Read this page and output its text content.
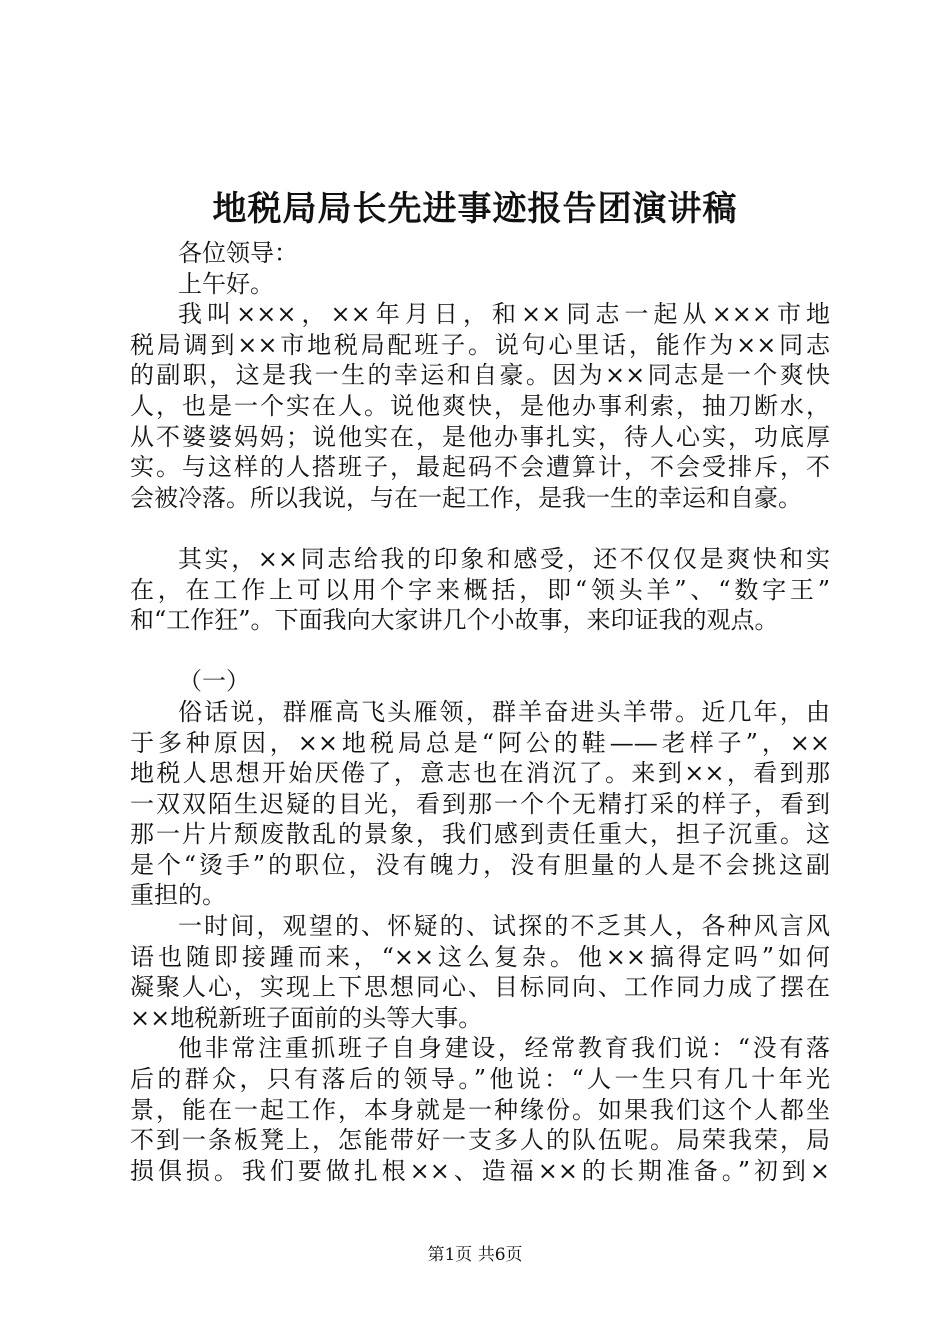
地税局局长先进事迹报告团演讲稿
各位领导：
上午好。
我叫×××，××年月日，和××同志一起从×××市地
税局调到××市地税局配班子。说句心里话，能作为××同志
的副职，这是我一生的幸运和自豪。因为××同志是一个爽快
人，也是一个实在人。说他爽快，是他办事利索，抽刀断水，
从不婆婆妈妈；说他实在，是他办事扎实，待人心实，功底厚
实。与这样的人搭班子，最起码不会遭算计，不会受排斥，不
会被冷落。所以我说，与在一起工作，是我一生的幸运和自豪。
其实，××同志给我的印象和感受，还不仅仅是爽快和实
在，在工作上可以用个字来概括，即“领头羊”、“数字王”
和“工作狂”。下面我向大家讲几个小故事，来印证我的观点。
（一）
俗话说，群雁高飞头雁领，群羊奋进头羊带。近几年，由
于多种原因，××地税局总是“阿公的鞋——老样子”，××
地税人思想开始厌倦了，意志也在消沉了。来到××，看到那
一双双陌生迟疑的目光，看到那一个个无精打采的样子，看到
那一片片颓废散乱的景象，我们感到责任重大，担子沉重。这
是个“烫手”的职位，没有魄力，没有胆量的人是不会挑这副
重担的。
一时间，观望的、怀疑的、试探的不乏其人，各种风言风
语也随即接踵而来，“××这么复杂。他××搞得定吗”如何
凝聚人心，实现上下思想同心、目标同向、工作同力成了摆在
××地税新班子面前的头等大事。
他非常注重抓班子自身建设，经常教育我们说：“没有落
后的群众，只有落后的领导。”他说：“人一生只有几十年光
景，能在一起工作，本身就是一种缘份。如果我们这个人都坐
不到一条板凳上，怎能带好一支多人的队伍呢。局荣我荣，局
损俱损。我们要做扎根××、造福××的长期准备。”初到×
第1页 共6页
